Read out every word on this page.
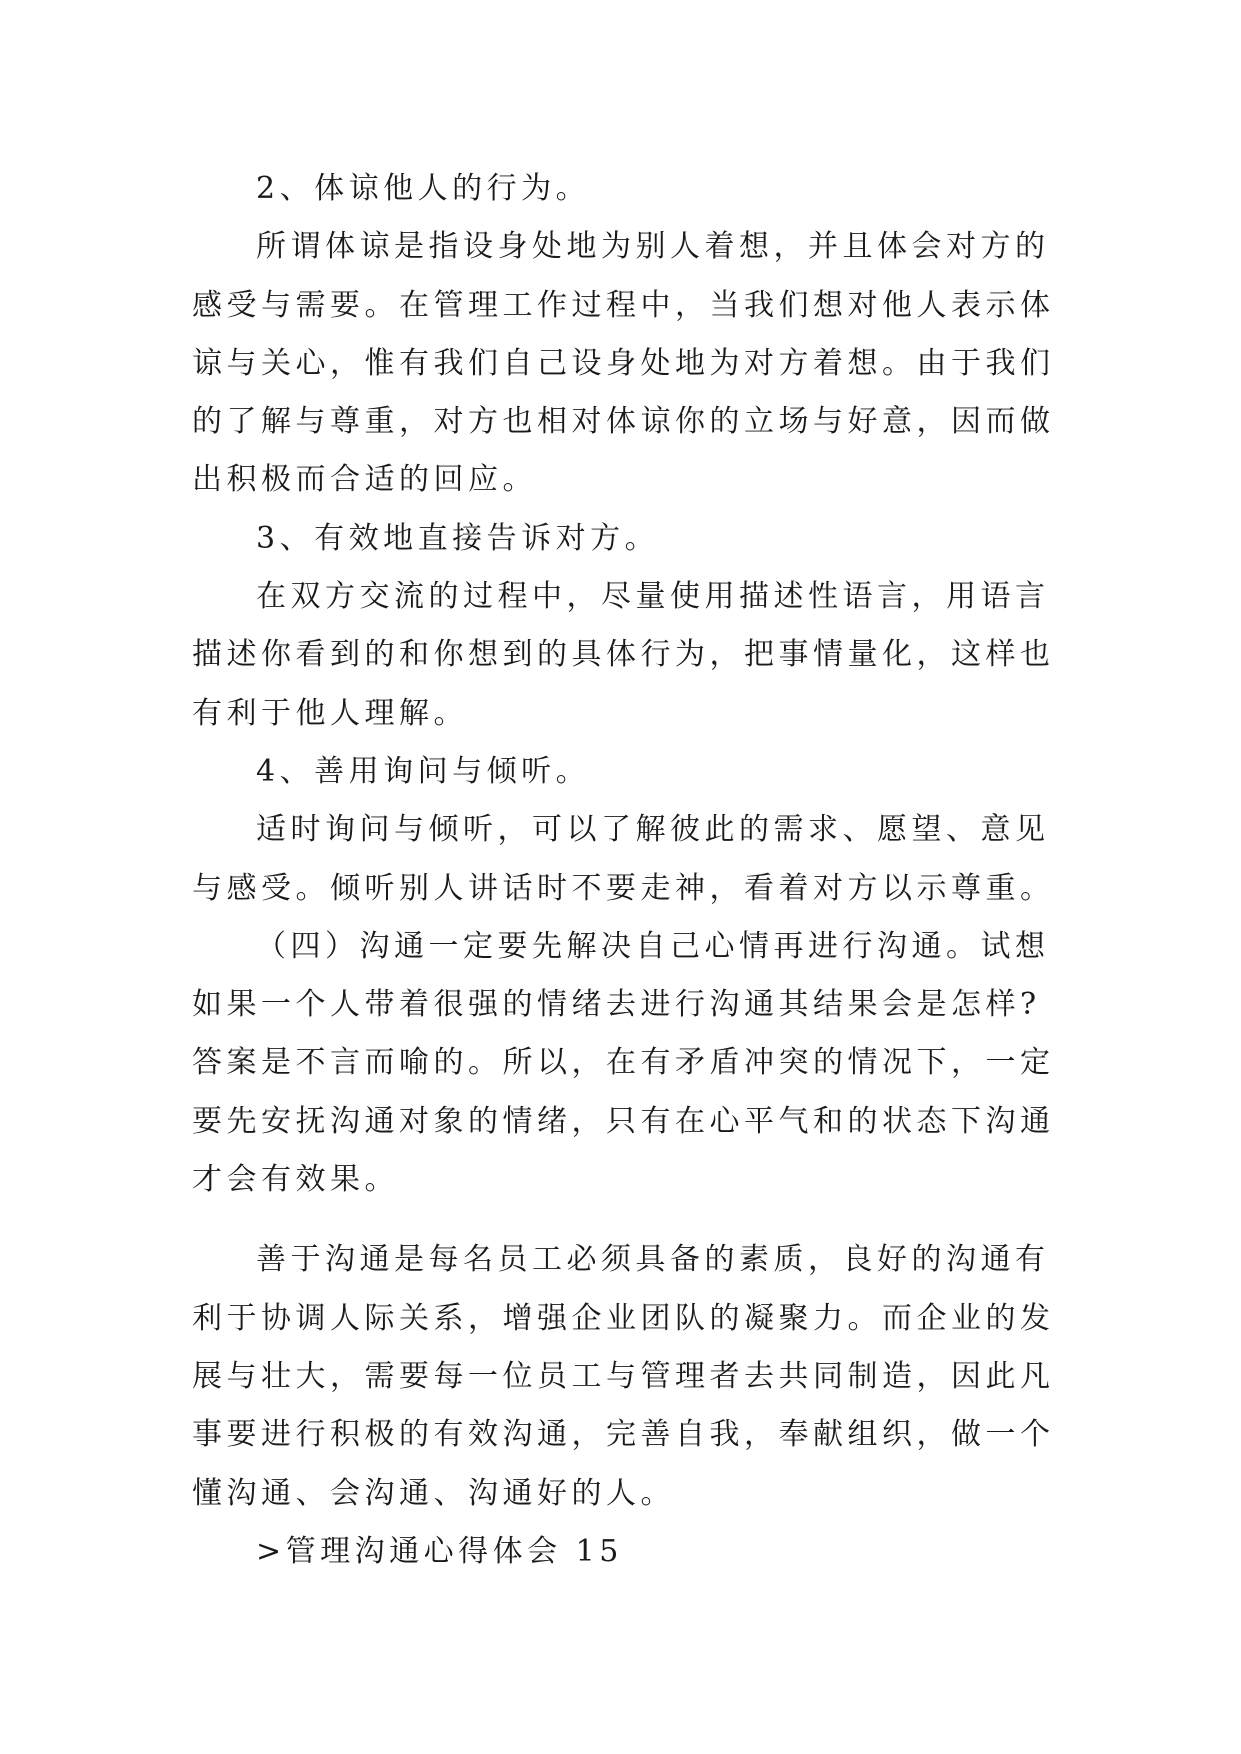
2、体谅他人的行为。

所谓体谅是指设身处地为别人着想，并且体会对方的感受与需要。在管理工作过程中，当我们想对他人表示体谅与关心，惟有我们自己设身处地为对方着想。由于我们的了解与尊重，对方也相对体谅你的立场与好意，因而做出积极而合适的回应。

3、有效地直接告诉对方。

在双方交流的过程中，尽量使用描述性语言，用语言描述你看到的和你想到的具体行为，把事情量化，这样也有利于他人理解。

4、善用询问与倾听。

适时询问与倾听，可以了解彼此的需求、愿望、意见与感受。倾听别人讲话时不要走神，看着对方以示尊重。

（四）沟通一定要先解决自己心情再进行沟通。试想如果一个人带着很强的情绪去进行沟通其结果会是怎样?答案是不言而喻的。所以，在有矛盾冲突的情况下，一定要先安抚沟通对象的情绪，只有在心平气和的状态下沟通才会有效果。

善于沟通是每名员工必须具备的素质，良好的沟通有利于协调人际关系，增强企业团队的凝聚力。而企业的发展与壮大，需要每一位员工与管理者去共同制造，因此凡事要进行积极的有效沟通，完善自我，奉献组织，做一个懂沟通、会沟通、沟通好的人。

>管理沟通心得体会 15
